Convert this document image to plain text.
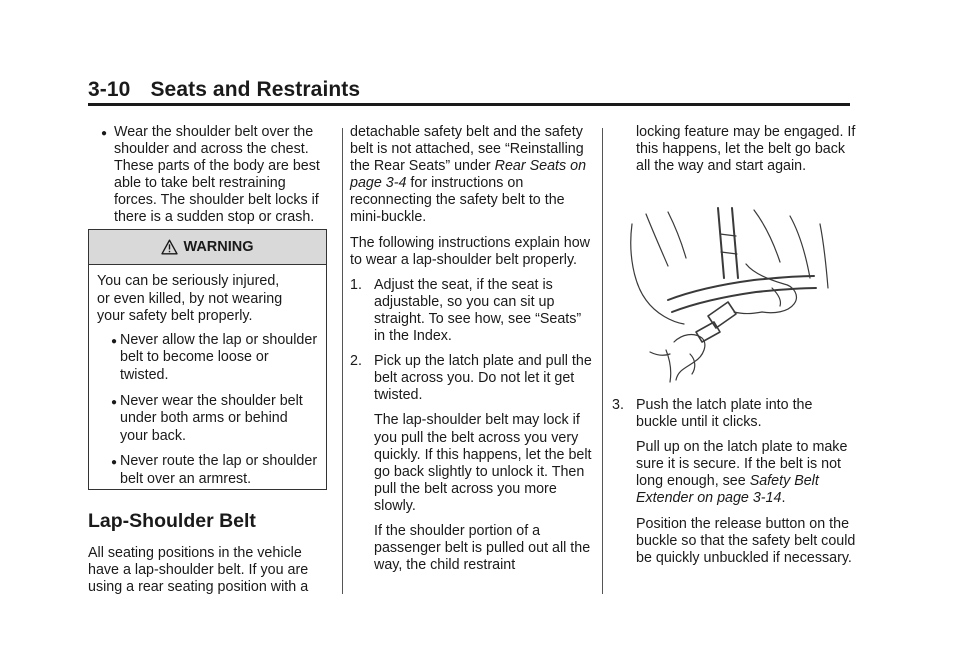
3-10 Seats and Restraints
● Wear the shoulder belt over the shoulder and across the chest. These parts of the body are best able to take belt restraining forces. The shoulder belt locks if there is a sudden stop or crash.
WARNING

You can be seriously injured,
or even killed, by not wearing
your safety belt properly.

● Never allow the lap or shoulder belt to become loose or twisted.
● Never wear the shoulder belt under both arms or behind your back.
● Never route the lap or shoulder belt over an armrest.
Lap-Shoulder Belt

All seating positions in the vehicle have a lap-shoulder belt. If you are using a rear seating position with a

detachable safety belt and the safety belt is not attached, see “Reinstalling the Rear Seats” under Rear Seats on page 3-4 for instructions on reconnecting the safety belt to the mini-buckle.

The following instructions explain how to wear a lap-shoulder belt properly.

1. Adjust the seat, if the seat is adjustable, so you can sit up straight. To see how, see “Seats” in the Index.
2. Pick up the latch plate and pull the belt across you. Do not let it get twisted.

The lap-shoulder belt may lock if you pull the belt across you very quickly. If this happens, let the belt go back slightly to unlock it. Then pull the belt across you more slowly.

If the shoulder portion of a passenger belt is pulled out all the way, the child restraint

locking feature may be engaged. If this happens, let the belt go back all the way and start again.

3. Push the latch plate into the buckle until it clicks.

Pull up on the latch plate to make sure it is secure. If the belt is not long enough, see Safety Belt Extender on page 3-14.

Position the release button on the buckle so that the safety belt could be quickly unbuckled if necessary.
